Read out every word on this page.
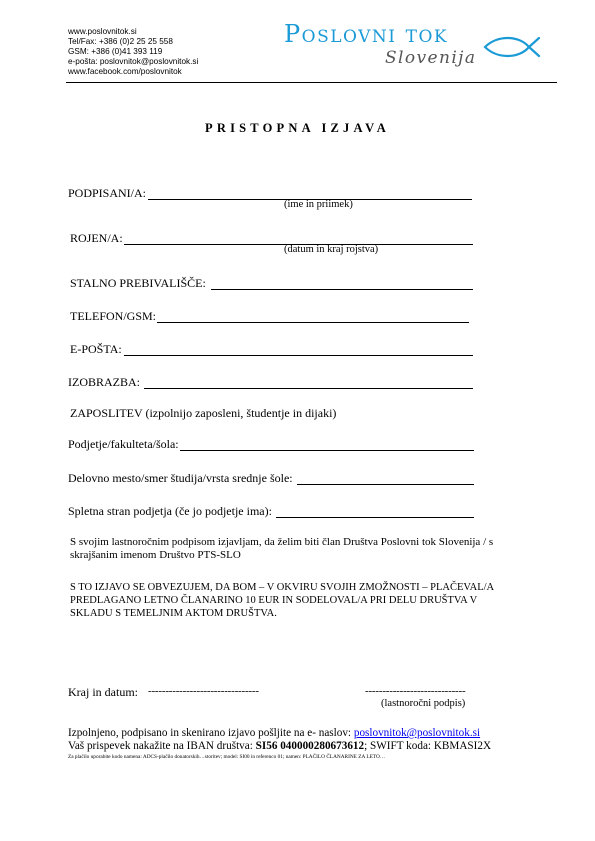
www.poslovnitok.si
Tel/Fax: +386 (0)2 25 25 558
GSM: +386 (0)41 393 119
e-pošta: poslovnitok@poslovnitok.si
www.facebook.com/poslovnitok
Poslovni tok
Slovenija
PRISTOPNA IZJAVA
PODPISANI/A:
(ime in priimek)
ROJEN/A:
(datum in kraj rojstva)
STALNO PREBIVALIŠČE:
TELEFON/GSM:
E-POŠTA:
IZOBRAZBA:
ZAPOSLITEV (izpolnijo zaposleni, študentje in dijaki)
Podjetje/fakulteta/šola:
Delovno mesto/smer študija/vrsta srednje šole:
Spletna stran podjetja (če jo podjetje ima):
S svojim lastnoročnim podpisom izjavljam, da želim biti član Društva Poslovni tok Slovenija / s skrajšanim imenom Društvo PTS-SLO
S TO IZJAVO SE OBVEZUJEM, DA BOM – V OKVIRU SVOJIH ZMOŽNOSTI – PLAČEVAL/A PREDLAGANO LETNO ČLANARINO 10 EUR IN SODELOVAL/A PRI DELU DRUŠTVA V SKLADU S TEMELJNIM AKTOM DRUŠTVA.
Kraj in datum: --------------------------------	-----------------------------
(lastnoročni podpis)
Izpolnjeno, podpisano in skenirano izjavo pošljite na e- naslov: poslovnitok@poslovnitok.si
Vaš prispevek nakažite na IBAN društva: SI56 040000280673612; SWIFT koda: KBMASI2X
Za plačilo uporabite kodo namena: ADCS-plačilo donatorskih…storitev; model: SI00 in referenco 01; namen: PLAČILO ČLANARINE ZA LETO…
